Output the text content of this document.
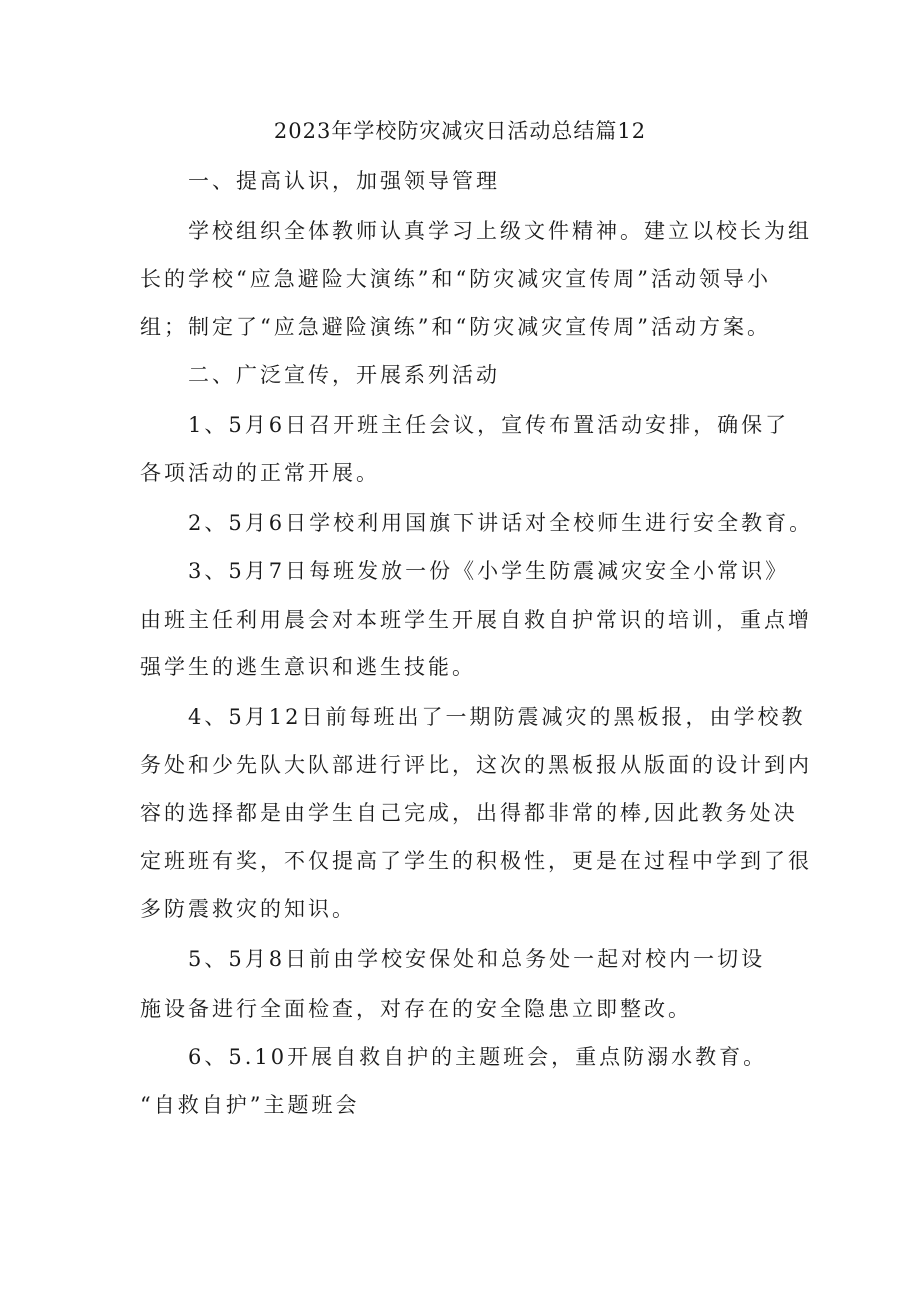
2023年学校防灾减灾日活动总结篇12
一、提高认识，加强领导管理
学校组织全体教师认真学习上级文件精神。建立以校长为组
长的学校“应急避险大演练”和“防灾减灾宣传周”活动领导小
组；制定了“应急避险演练”和“防灾减灾宣传周”活动方案。
二、广泛宣传，开展系列活动
1、5月6日召开班主任会议，宣传布置活动安排，确保了
各项活动的正常开展。
2、5月6日学校利用国旗下讲话对全校师生进行安全教育。
3、5月7日每班发放一份《小学生防震减灾安全小常识》
由班主任利用晨会对本班学生开展自救自护常识的培训，重点增
强学生的逃生意识和逃生技能。
4、5月12日前每班出了一期防震减灾的黑板报，由学校教
务处和少先队大队部进行评比，这次的黑板报从版面的设计到内
容的选择都是由学生自己完成，出得都非常的棒,因此教务处决
定班班有奖，不仅提高了学生的积极性，更是在过程中学到了很
多防震救灾的知识。
5、5月8日前由学校安保处和总务处一起对校内一切设
施设备进行全面检查，对存在的安全隐患立即整改。
6、5.10开展自救自护的主题班会，重点防溺水教育。
“自救自护”主题班会
